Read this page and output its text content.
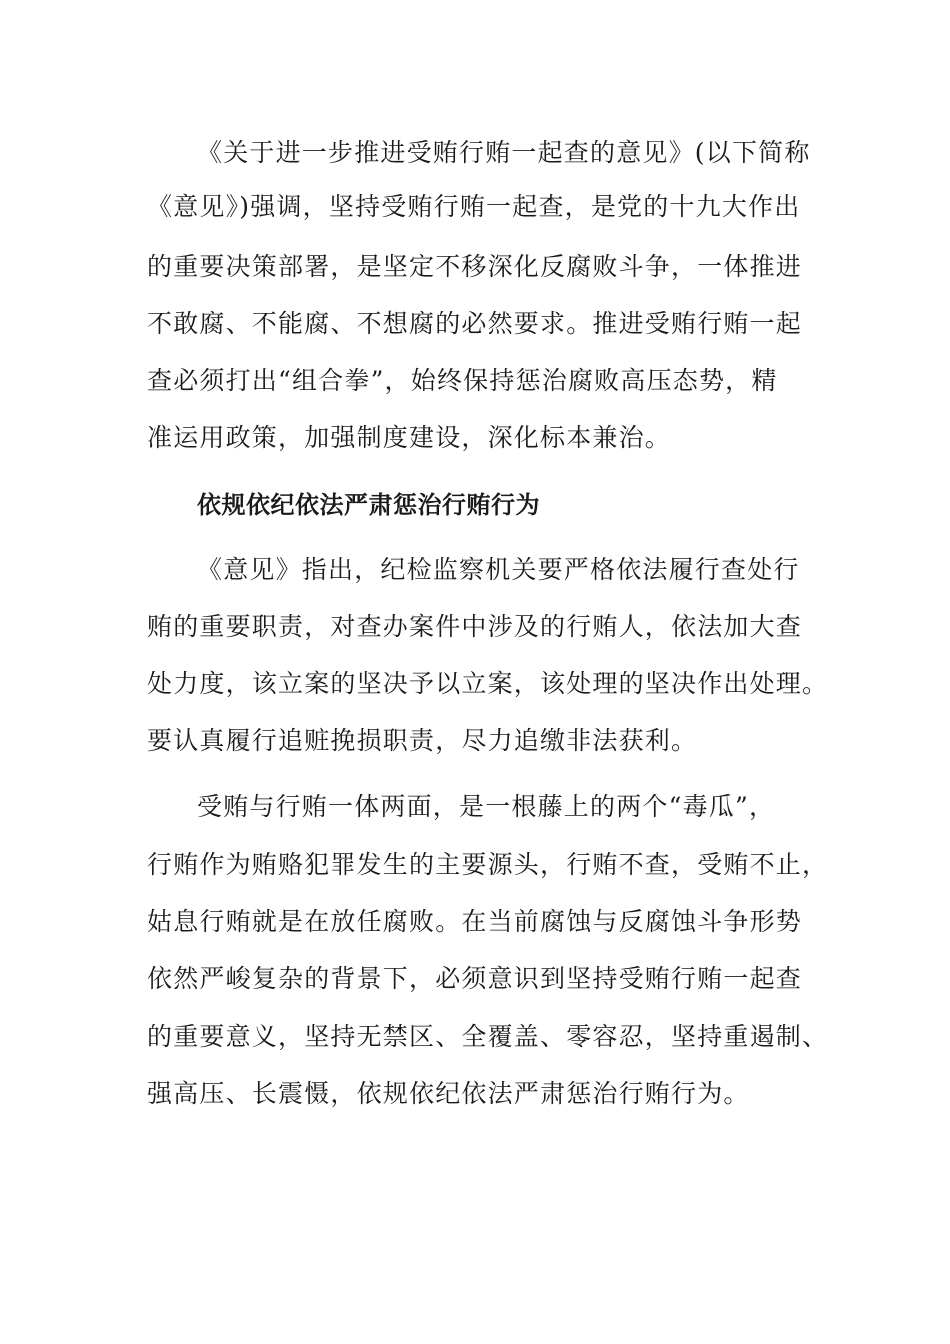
《关于进一步推进受贿行贿一起查的意见》(以下简称
《意见》)强调，坚持受贿行贿一起查，是党的十九大作出
的重要决策部署，是坚定不移深化反腐败斗争，一体推进
不敢腐、不能腐、不想腐的必然要求。推进受贿行贿一起
查必须打出“组合拳”，始终保持惩治腐败高压态势，精
准运用政策，加强制度建设，深化标本兼治。
依规依纪依法严肃惩治行贿行为
《意见》指出，纪检监察机关要严格依法履行查处行
贿的重要职责，对查办案件中涉及的行贿人，依法加大查
处力度，该立案的坚决予以立案，该处理的坚决作出处理。
要认真履行追赃挽损职责，尽力追缴非法获利。
受贿与行贿一体两面，是一根藤上的两个“毒瓜”，
行贿作为贿赂犯罪发生的主要源头，行贿不查，受贿不止，
姑息行贿就是在放任腐败。在当前腐蚀与反腐蚀斗争形势
依然严峻复杂的背景下，必须意识到坚持受贿行贿一起查
的重要意义，坚持无禁区、全覆盖、零容忍，坚持重遏制、
强高压、长震慑，依规依纪依法严肃惩治行贿行为。
